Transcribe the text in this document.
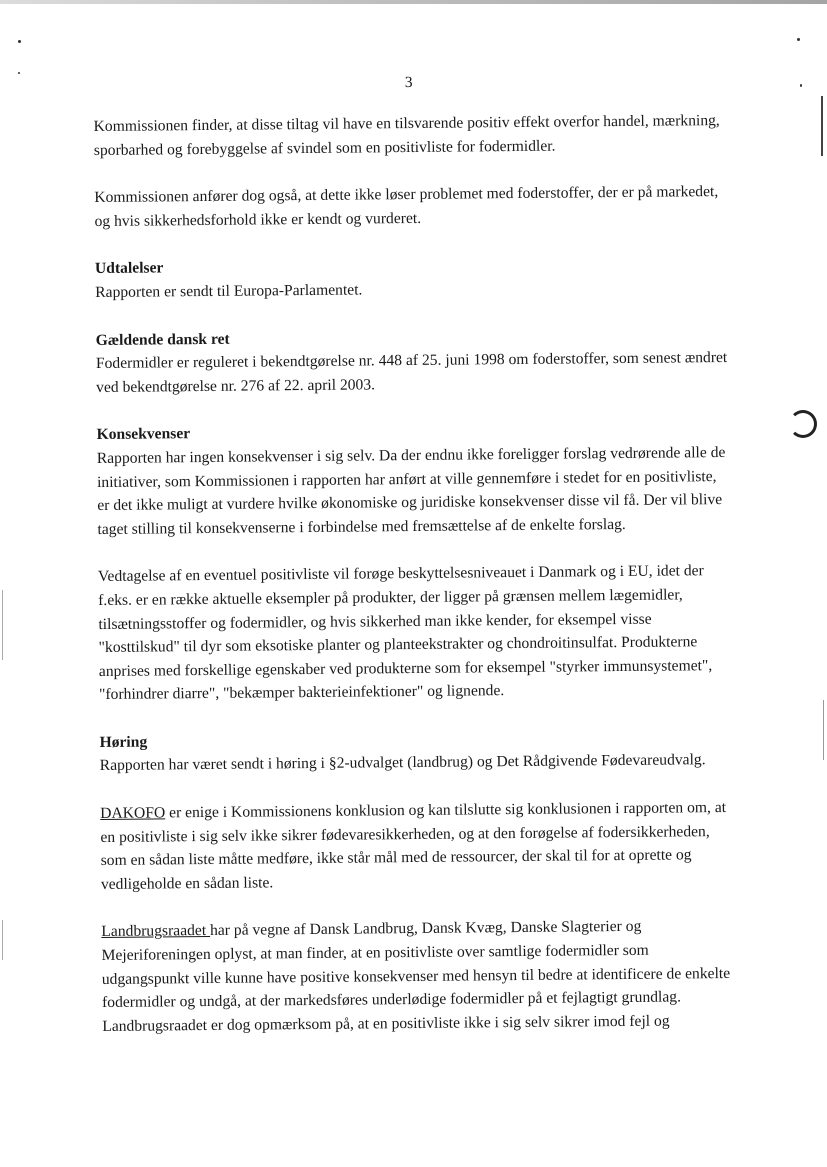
3

Kommissionen finder, at disse tiltag vil have en tilsvarende positiv effekt overfor handel, mærkning, sporbarhed og forebyggelse af svindel som en positivliste for fodermidler.

Kommissionen anfører dog også, at dette ikke løser problemet med foderstoffer, der er på markedet, og hvis sikkerhedsforhold ikke er kendt og vurderet.

Udtalelser

Rapporten er sendt til Europa-Parlamentet.

Gældende dansk ret

Fodermidler er reguleret i bekendtgørelse nr. 448 af 25. juni 1998 om foderstoffer, som senest ændret ved bekendtgørelse nr. 276 af 22. april 2003.

Konsekvenser

Rapporten har ingen konsekvenser i sig selv. Da der endnu ikke foreligger forslag vedrørende alle de initiativer, som Kommissionen i rapporten har anført at ville gennemføre i stedet for en positivliste, er det ikke muligt at vurdere hvilke økonomiske og juridiske konsekvenser disse vil få. Der vil blive taget stilling til konsekvenserne i forbindelse med fremsættelse af de enkelte forslag.

Vedtagelse af en eventuel positivliste vil forøge beskyttelsesniveauet i Danmark og i EU, idet der f.eks. er en række aktuelle eksempler på produkter, der ligger på grænsen mellem lægemidler, tilsætningsstoffer og fodermidler, og hvis sikkerhed man ikke kender, for eksempel visse "kosttilskud" til dyr som eksotiske planter og planteekstrakter og chondroitinsulfat. Produkterne anprises med forskellige egenskaber ved produkterne som for eksempel "styrker immunsystemet", "forhindrer diarre", "bekæmper bakterieinfektioner" og lignende.

Høring

Rapporten har været sendt i høring i §2-udvalget (landbrug) og Det Rådgivende Fødevareudvalg.

DAKOFO er enige i Kommissionens konklusion og kan tilslutte sig konklusionen i rapporten om, at en positivliste i sig selv ikke sikrer fødevaresikkerheden, og at den forøgelse af fodersikkerheden, som en sådan liste måtte medføre, ikke står mål med de ressourcer, der skal til for at oprette og vedligeholde en sådan liste.

Landbrugsraadet har på vegne af Dansk Landbrug, Dansk Kvæg, Danske Slagterier og Mejeriforeningen oplyst, at man finder, at en positivliste over samtlige fodermidler som udgangspunkt ville kunne have positive konsekvenser med hensyn til bedre at identificere de enkelte fodermidler og undgå, at der markedsføres underlødige fodermidler på et fejlagtigt grundlag. Landbrugsraadet er dog opmærksom på, at en positivliste ikke i sig selv sikrer imod fejl og
